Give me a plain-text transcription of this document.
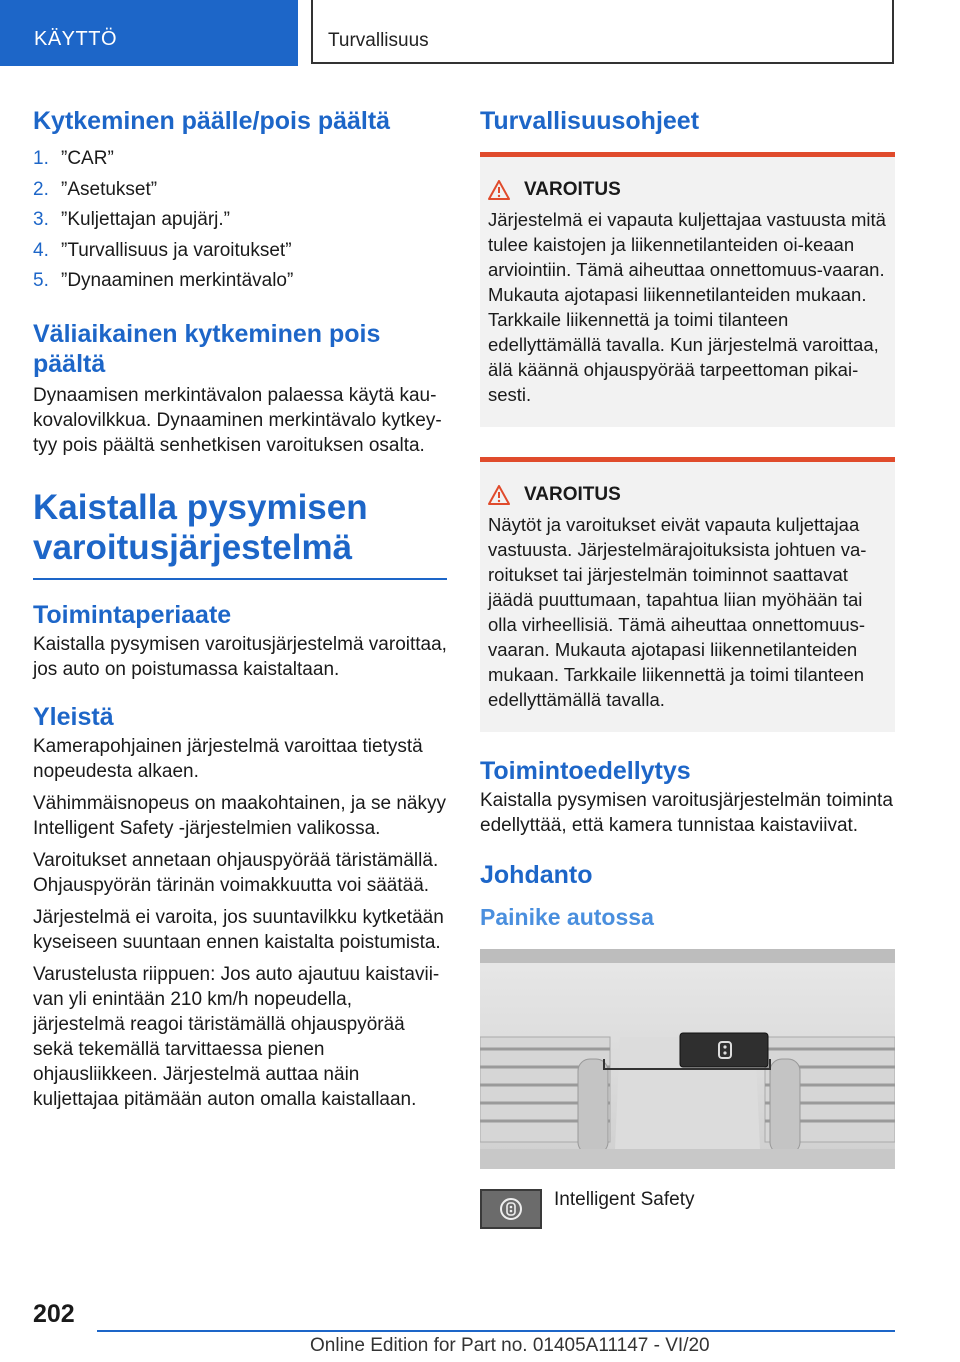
KÄYTTÖ	Turvallisuus
Kytkeminen päälle/pois päältä
1. ”CAR”
2. ”Asetukset”
3. ”Kuljettajan apujärj.”
4. ”Turvallisuus ja varoitukset”
5. ”Dynaaminen merkintävalo”
Väliaikainen kytkeminen pois päältä

Dynaamisen merkintävalon palaessa käytä kau-kovalovilkkua. Dynaaminen merkintävalo kytkey-tyy pois päältä senhetkisen varoituksen osalta.

Kaistalla pysymisen varoitusjärjestelmä
Toimintaperiaate

Kaistalla pysymisen varoitusjärjestelmä varoittaa, jos auto on poistumassa kaistaltaan.

Yleistä

Kamerapohjainen järjestelmä varoittaa tietystä nopeudesta alkaen.

Vähimmäisnopeus on maakohtainen, ja se näkyy Intelligent Safety -järjestelmien valikossa.

Varoitukset annetaan ohjauspyörää täristämällä. Ohjauspyörän tärinän voimakkuutta voi säätää.

Järjestelmä ei varoita, jos suuntavilkku kytketään kyseiseen suuntaan ennen kaistalta poistumista.

Varustelusta riippuen: Jos auto ajautuu kaistavii-van yli enintään 210 km/h nopeudella, järjestelmä reagoi täristämällä ohjauspyörää sekä tekemällä tarvittaessa pienen ohjausliikkeen. Järjestelmä auttaa näin kuljettajaa pitämään auton omalla kaistallaan.

Turvallisuusohjeet
VAROITUS

Järjestelmä ei vapauta kuljettajaa vastuusta mitä tulee kaistojen ja liikennetilanteiden oi-keaan arviointiin. Tämä aiheuttaa onnettomuus-vaaran. Mukauta ajotapasi liikennetilanteiden mukaan. Tarkkaile liikennettä ja toimi tilanteen edellyttämällä tavalla. Kun järjestelmä varoittaa, älä käännä ohjauspyörää tarpeettoman pikai-sesti.

VAROITUS

Näytöt ja varoitukset eivät vapauta kuljettajaa vastuusta. Järjestelmärajoituksista johtuen va-roitukset tai järjestelmän toiminnot saattavat jäädä puuttumaan, tapahtua liian myöhään tai olla virheellisiä. Tämä aiheuttaa onnettomuus-vaaran. Mukauta ajotapasi liikennetilanteiden mukaan. Tarkkaile liikennettä ja toimi tilanteen edellyttämällä tavalla.

Toimintoedellytys

Kaistalla pysymisen varoitusjärjestelmän toiminta edellyttää, että kamera tunnistaa kaistaviivat.

Johdanto
Painike autossa

Intelligent Safety

202
Online Edition for Part no. 01405A11147 - VI/20
